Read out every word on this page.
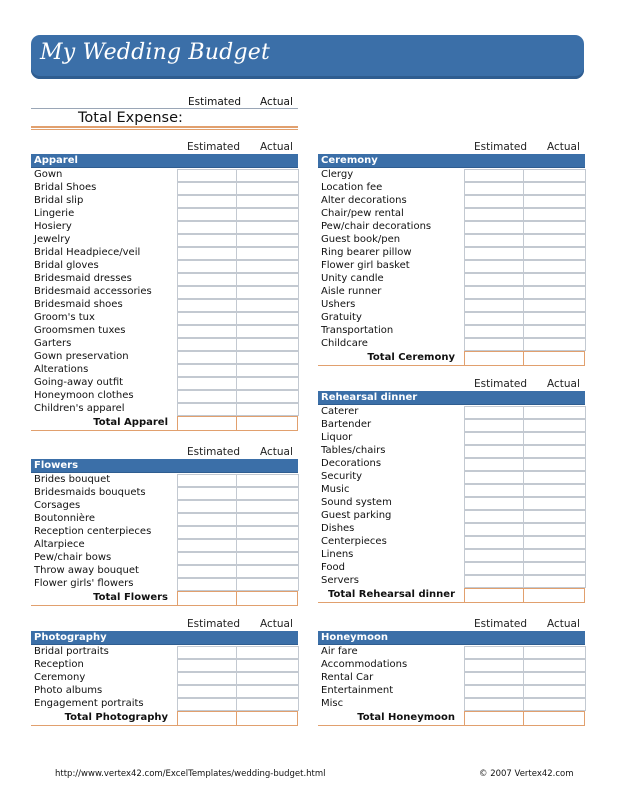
My Wedding Budget
Estimated Actual
Total Expense:
Estimated Actual
Apparel
Gown
Bridal Shoes
Bridal slip
Lingerie
Hosiery
Jewelry
Bridal Headpiece/veil
Bridal gloves
Bridesmaid dresses
Bridesmaid accessories
Bridesmaid shoes
Groom's tux
Groomsmen tuxes
Garters
Gown preservation
Alterations
Going-away outfit
Honeymoon clothes
Children's apparel
Total Apparel
Estimated Actual
Ceremony
Clergy
Location fee
Alter decorations
Chair/pew rental
Pew/chair decorations
Guest book/pen
Ring bearer pillow
Flower girl basket
Unity candle
Aisle runner
Ushers
Gratuity
Transportation
Childcare
Total Ceremony
Estimated Actual
Rehearsal dinner
Caterer
Bartender
Liquor
Tables/chairs
Decorations
Security
Music
Sound system
Guest parking
Dishes
Centerpieces
Linens
Food
Servers
Total Rehearsal dinner
Estimated Actual
Flowers
Brides bouquet
Bridesmaids bouquets
Corsages
Boutonnière
Reception centerpieces
Altarpiece
Pew/chair bows
Throw away bouquet
Flower girls' flowers
Total Flowers
Estimated Actual
Photography
Bridal portraits
Reception
Ceremony
Photo albums
Engagement portraits
Total Photography
Estimated Actual
Honeymoon
Air fare
Accommodations
Rental Car
Entertainment
Misc
Total Honeymoon
http://www.vertex42.com/ExcelTemplates/wedding-budget.html	© 2007 Vertex42.com
